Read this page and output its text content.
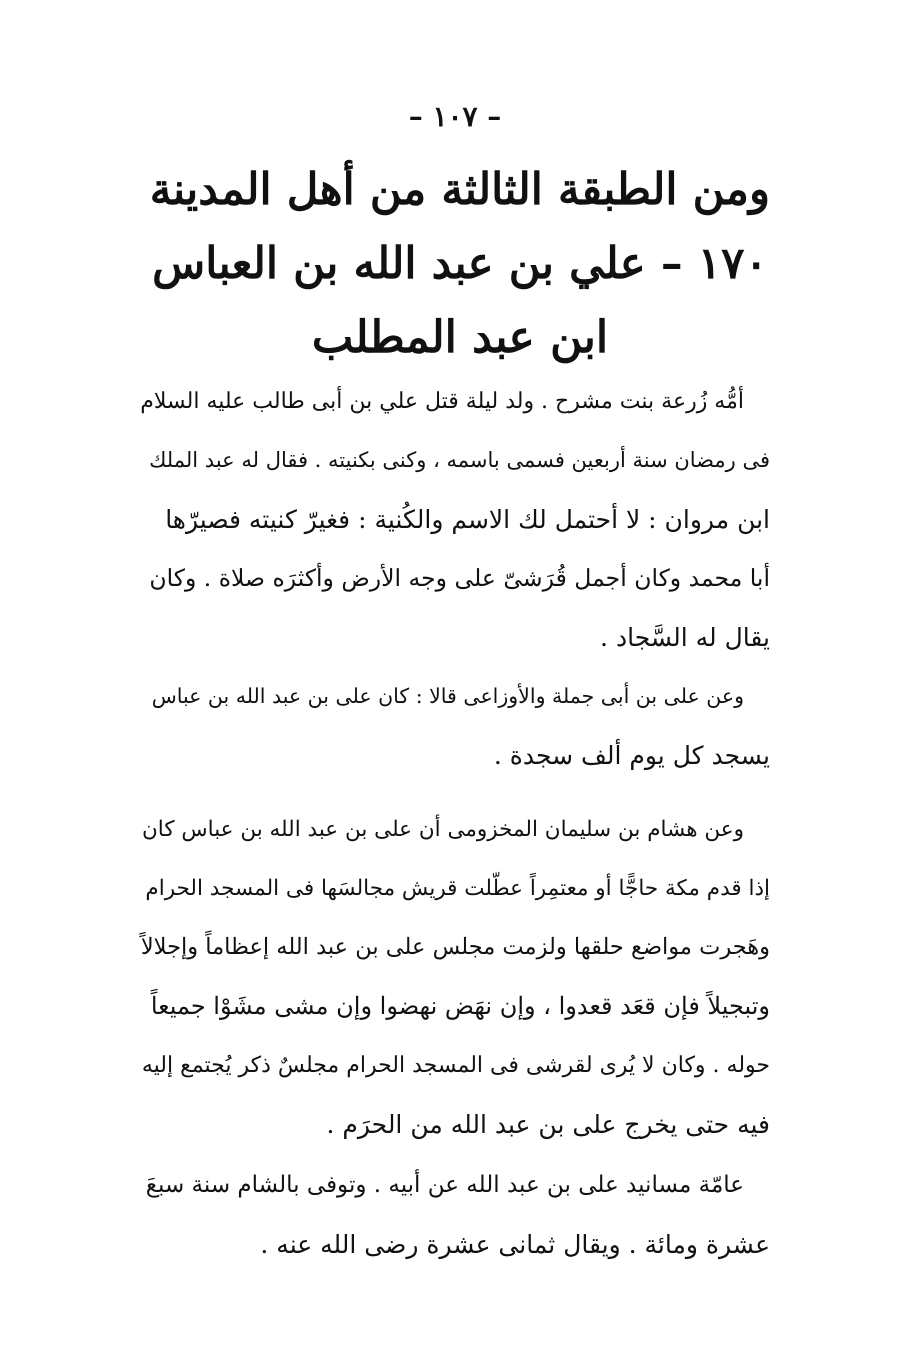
– ١٠٧ –
ومن الطبقة الثالثة من أهل المدينة
١٧٠ – علي بن عبد الله بن العباس
ابن عبد المطلب
أمُّه زُرعة بنت مشرح . ولد ليلة قتل علي بن أبى طالب عليه السلام
فى رمضان سنة أربعين فسمى باسمه ، وكنى بكنيته . فقال له عبد الملك
ابن مروان : لا أحتمل لك الاسم والكُنية : فغيرّ كنيته فصيرّها
أبا محمد وكان أجمل قُرَشىّ على وجه الأرض وأكثرَه صلاة . وكان
يقال له السَّجاد .
وعن على بن أبى جملة والأوزاعى قالا : كان على بن عبد الله بن عباس
يسجد كل يوم ألف سجدة .
وعن هشام بن سليمان المخزومى أن على بن عبد الله بن عباس كان
إذا قدم مكة حاجًّا أو معتمِراً عطّلت قريش مجالسَها فى المسجد الحرام
وهَجرت مواضع حلقها ولزمت مجلس على بن عبد الله إعظاماً وإجلالاً
وتبجيلاً فإن قعَد قعدوا ، وإن نهَض نهضوا وإن مشى مشَوْا جميعاً
حوله . وكان لا يُرى لقرشى فى المسجد الحرام مجلسٌ ذكر يُجتمع إليه
فيه حتى يخرج على بن عبد الله من الحرَم .
عامّة مسانيد على بن عبد الله عن أبيه . وتوفى بالشام سنة سبعَ
عشرة ومائة . ويقال ثمانى عشرة رضى الله عنه .
